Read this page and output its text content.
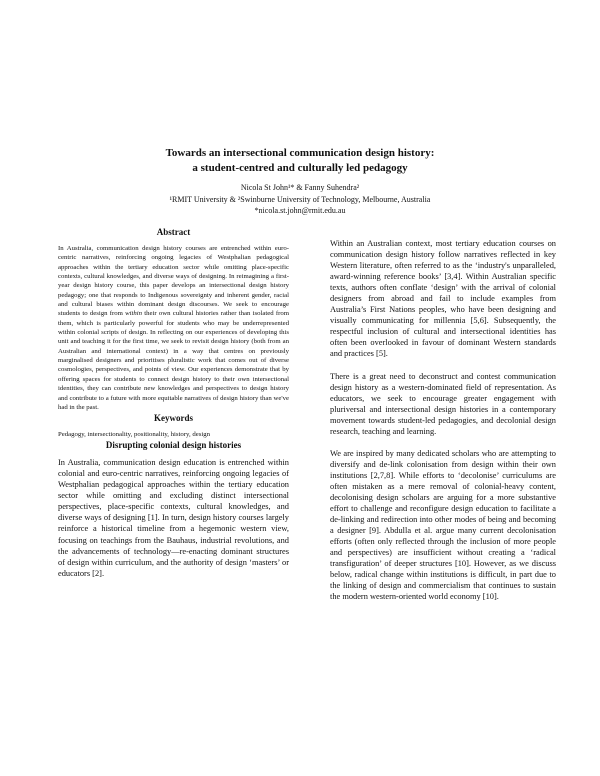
Towards an intersectional communication design history:
a student-centred and culturally led pedagogy
Nicola St John¹* & Fanny Suhendra²
¹RMIT University & ²Swinburne University of Technology, Melbourne, Australia
*nicola.st.john@rmit.edu.au
Abstract

In Australia, communication design history courses are entrenched within euro-centric narratives, reinforcing ongoing legacies of Westphalian pedagogical approaches within the tertiary education sector while omitting place-specific contexts, cultural knowledges, and diverse ways of designing. In reimagining a first-year design history course, this paper develops an intersectional design history pedagogy; one that responds to Indigenous sovereignty and inherent gender, racial and cultural biases within dominant design discourses. We seek to encourage students to design from within their own cultural histories rather than isolated from them, which is particularly powerful for students who may be underrepresented within colonial scripts of design. In reflecting on our experiences of developing this unit and teaching it for the first time, we seek to revisit design history (both from an Australian and international context) in a way that centres on previously marginalised designers and prioritises pluralistic work that comes out of diverse cosmologies, perspectives, and points of view. Our experiences demonstrate that by offering spaces for students to connect design history to their own intersectional identities, they can contribute new knowledges and perspectives to design history and contribute to a future with more equitable narratives of design history than we've had in the past.

Keywords

Pedagogy, intersectionality, positionality, history, design

Disrupting colonial design histories

In Australia, communication design education is entrenched within colonial and euro-centric narratives, reinforcing ongoing legacies of Westphalian pedagogical approaches within the tertiary education sector while omitting and excluding distinct intersectional perspectives, place-specific contexts, cultural knowledges, and diverse ways of designing [1]. In turn, design history courses largely reinforce a historical timeline from a hegemonic western view, focusing on teachings from the Bauhaus, industrial revolutions, and the advancements of technology—re-enacting dominant structures of design within curriculum, and the authority of design ‘masters’ or educators [2].

Within an Australian context, most tertiary education courses on communication design history follow narratives reflected in key Western literature, often referred to as the ‘industry's unparalleled, award-winning reference books’ [3,4]. Within Australian specific texts, authors often conflate ‘design’ with the arrival of colonial designers from abroad and fail to include examples from Australia’s First Nations peoples, who have been designing and visually communicating for millennia [5,6]. Subsequently, the respectful inclusion of cultural and intersectional identities has often been overlooked in favour of dominant Western standards and practices [5].

There is a great need to deconstruct and contest communication design history as a western-dominated field of representation. As educators, we seek to encourage greater engagement with pluriversal and intersectional design histories in a contemporary movement towards student-led pedagogies, and decolonial design research, teaching and learning.

We are inspired by many dedicated scholars who are attempting to diversify and de-link colonisation from design within their own institutions [2,7,8]. While efforts to ‘decolonise’ curriculums are often mistaken as a mere removal of colonial-heavy content, decolonising design scholars are arguing for a more substantive effort to challenge and reconfigure design education to facilitate a de-linking and redirection into other modes of being and becoming a designer [9]. Abdulla et al. argue many current decolonisation efforts (often only reflected through the inclusion of more people and perspectives) are insufficient without creating a ‘radical transfiguration’ of deeper structures [10]. However, as we discuss below, radical change within institutions is difficult, in part due to the linking of design and commercialism that continues to sustain the modern western-oriented world economy [10].
